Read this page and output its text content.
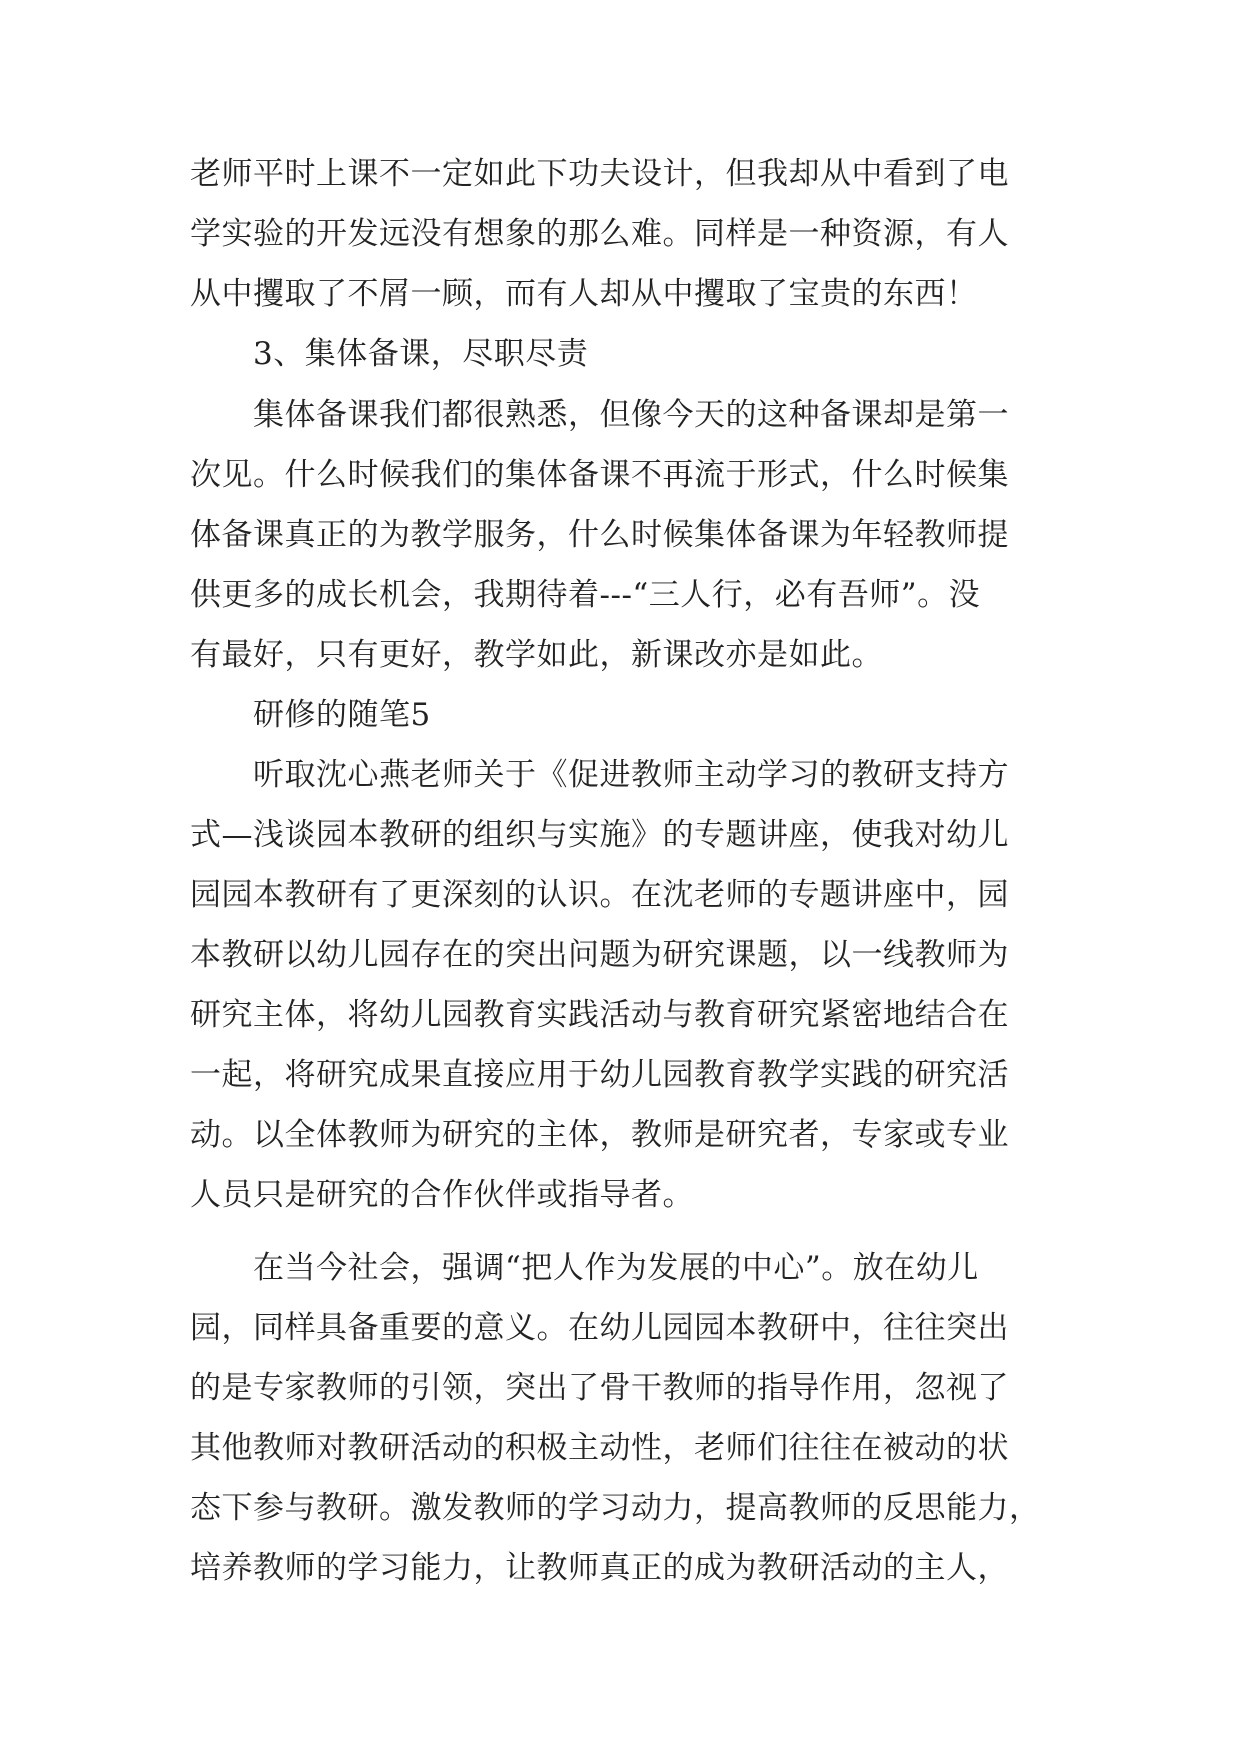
老师平时上课不一定如此下功夫设计，但我却从中看到了电
学实验的开发远没有想象的那么难。同样是一种资源，有人
从中攫取了不屑一顾，而有人却从中攫取了宝贵的东西！
3、集体备课，尽职尽责
集体备课我们都很熟悉，但像今天的这种备课却是第一
次见。什么时候我们的集体备课不再流于形式，什么时候集
体备课真正的为教学服务，什么时候集体备课为年轻教师提
供更多的成长机会，我期待着---“三人行，必有吾师”。没
有最好，只有更好，教学如此，新课改亦是如此。
研修的随笔5
听取沈心燕老师关于《促进教师主动学习的教研支持方
式—浅谈园本教研的组织与实施》的专题讲座，使我对幼儿
园园本教研有了更深刻的认识。在沈老师的专题讲座中，园
本教研以幼儿园存在的突出问题为研究课题，以一线教师为
研究主体，将幼儿园教育实践活动与教育研究紧密地结合在
一起，将研究成果直接应用于幼儿园教育教学实践的研究活
动。以全体教师为研究的主体，教师是研究者，专家或专业
人员只是研究的合作伙伴或指导者。
在当今社会，强调“把人作为发展的中心”。放在幼儿
园，同样具备重要的意义。在幼儿园园本教研中，往往突出
的是专家教师的引领，突出了骨干教师的指导作用，忽视了
其他教师对教研活动的积极主动性，老师们往往在被动的状
态下参与教研。激发教师的学习动力，提高教师的反思能力，
培养教师的学习能力，让教师真正的成为教研活动的主人，
